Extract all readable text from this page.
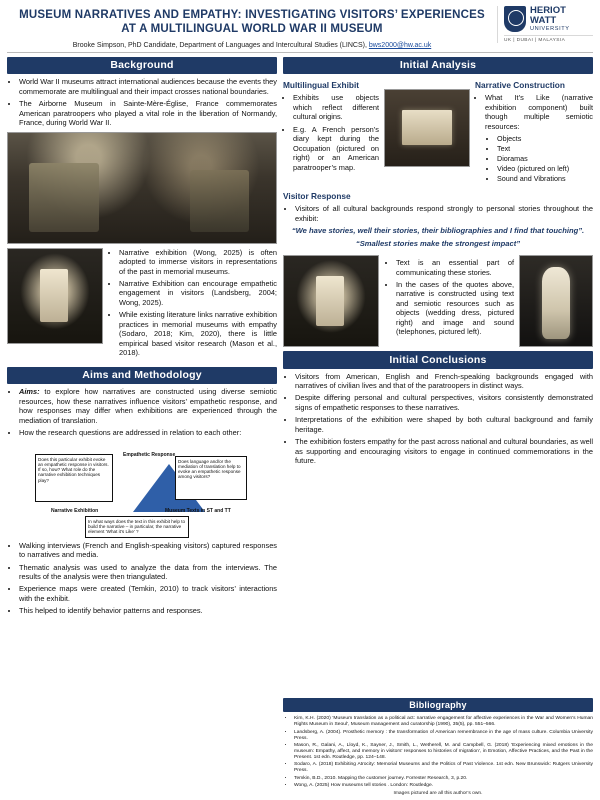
MUSEUM NARRATIVES AND EMPATHY: INVESTIGATING VISITORS’ EXPERIENCES AT A MULTILINGUAL WORLD WAR II MUSEUM
Brooke Simpson, PhD Candidate, Department of Languages and Intercultural Studies (LINCS), bws2000@hw.ac.uk
HERIOT
WATT
UNIVERSITY
UK | DUBAI | MALAYSIA
Background
• World War II museums attract international audiences because the events they commemorate are multilingual and their impact crosses national boundaries.
• The Airborne Museum in Sainte-Mère-Église, France commemorates American paratroopers who played a vital role in the liberation of Normandy, France, during World War II.
• Narrative exhibition (Wong, 2025) is often adopted to immerse visitors in representations of the past in memorial museums.
• Narrative Exhibition can encourage empathetic engagement in visitors (Landsberg, 2004; Wong, 2025).
• While existing literature links narrative exhibition practices in memorial museums with empathy (Sodaro, 2018; Kim, 2020), there is little empirical based visitor research (Mason et al., 2018).
Aims and Methodology
• Aims: to explore how narratives are constructed using diverse semiotic resources, how these narratives influence visitors’ empathetic response, and how responses may differ when exhibitions are experienced through the mediation of translation.
• How the research questions are addressed in relation to each other:
Empathetic Response
Does this particular exhibit evoke an empathetic response in visitors. If so, how? What role do the narrative exhibition techniques play?
Does language and/or the mediation of translation help to evoke an empathetic response among visitors?
Narrative Exhibition	Museum Texts in ST and TT
In what ways does the text in this exhibit help to build the narrative – in particular, the narrative element ‘What it’s Like’ ?
• Walking interviews (French and English-speaking visitors) captured responses to narratives and media.
• Thematic analysis was used to analyze the data from the interviews. The results of the analysis were then triangulated.
• Experience maps were created (Temkin, 2010) to track visitors’ interactions with the exhibit.
• This helped to identify behavior patterns and responses.
Initial Analysis
Multilingual Exhibit
• Exhibits use objects which reflect different cultural origins.
• E.g. A French person’s diary kept during the Occupation (pictured on right) or an American paratrooper’s map.
Narrative Construction
• What It’s Like (narrative exhibition component) built though multiple semiotic resources:
• Objects
• Text
• Dioramas
• Video (pictured on left)
• Sound and Vibrations
Visitor Response
• Visitors of all cultural backgrounds respond strongly to personal stories throughout the exhibit:
“We have stories, well their stories, their bibliographies and I find that touching”.
“Smallest stories make the strongest impact”
• Text is an essential part of communicating these stories.
• In the cases of the quotes above, narrative is constructed using text and semiotic resources such as objects (wedding dress, pictured right) and image and sound (telephones, pictured left).
Initial Conclusions
• Visitors from American, English and French-speaking backgrounds engaged with narratives of civilian lives and that of the paratroopers in distinct ways.
• Despite differing personal and cultural perspectives, visitors consistently demonstrated signs of empathetic responses to these narratives.
• Interpretations of the exhibition were shaped by both cultural background and family heritage.
• The exhibition fosters empathy for the past across national and cultural boundaries, as well as supporting and encouraging visitors to engage in continued commemorations in the future.
Bibliography
• Kim, K.H. (2020) ‘Museum translation as a political act: narrative engagement for affective experiences in the War and Women’s Human Rights Museum in Seoul’, Museum management and curatorship (1990), 35(5), pp. 551–566.
• Landsberg, A. (2004). Prosthetic memory : the transformation of American remembrance in the age of mass culture. Columbia University Press.
• Mason, R., Galani, A., Lloyd, K., Sayner, J., Smith, L., Wetherell, M. and Campbell, G. (2018) ‘Experiencing mixed emotions in the museum: Empathy, affect, and memory in visitors’ responses to histories of migration’, in Emotion, Affective Practices, and the Past in the Present. 1st edn. Routledge, pp. 124–148.
• Sodaro, A. (2018) Exhibiting Atrocity: Memorial Museums and the Politics of Past Violence. 1st edn. New Brunswick: Rutgers University Press.
• Temkin, B.D., 2010. Mapping the customer journey. Forrester Research, 3, p.20.
• Wong, A. (2025) How museums tell stories . London: Routledge.
Images pictured are all this author’s own.
